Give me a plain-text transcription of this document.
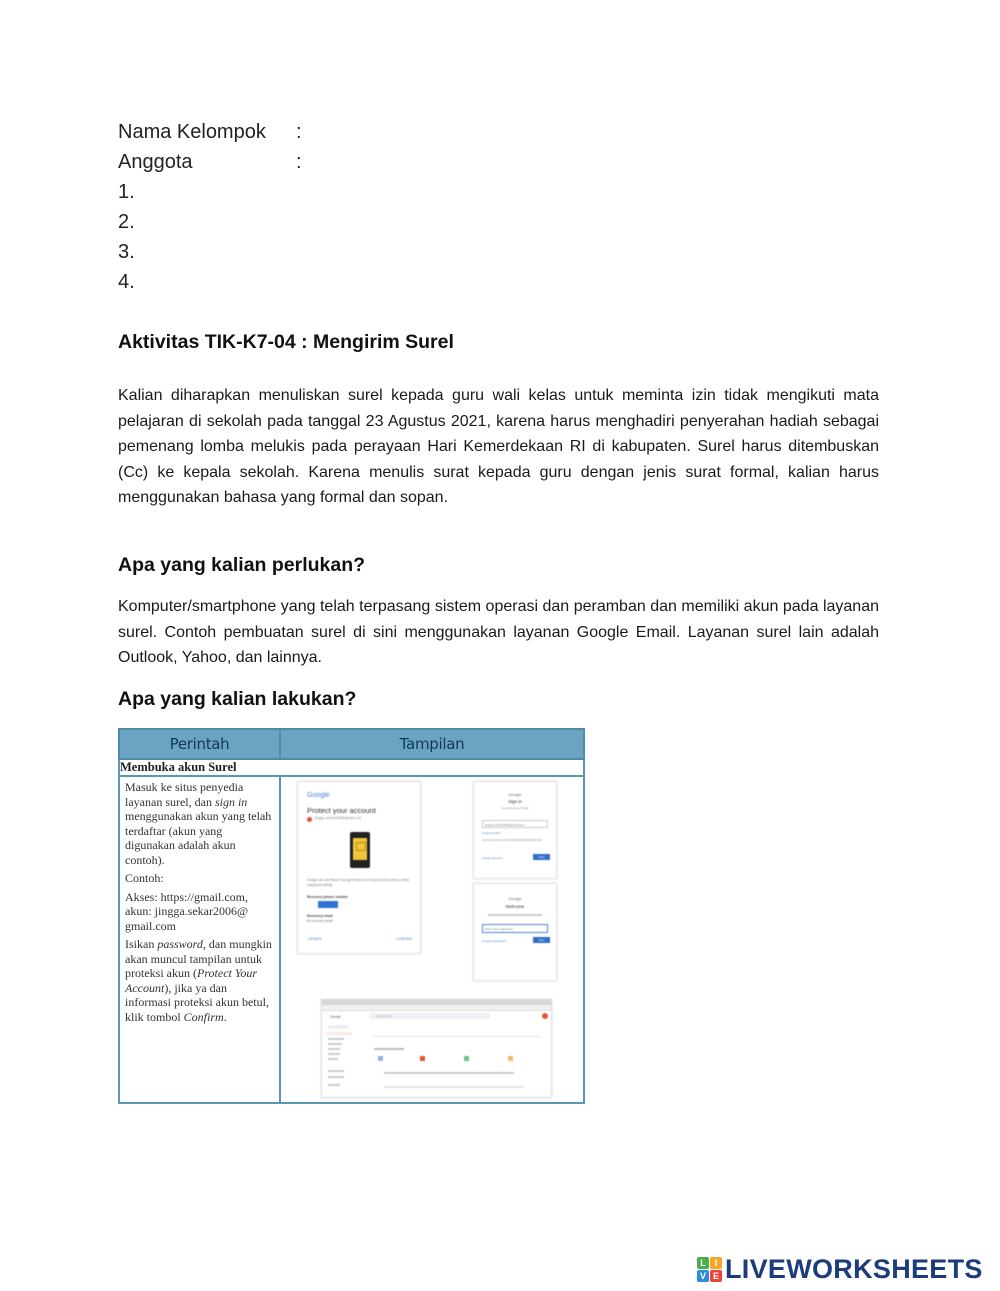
Nama Kelompok :
Anggota	:
1.
2.
3.
4.
Aktivitas TIK-K7-04 : Mengirim Surel
Kalian diharapkan menuliskan surel kepada guru wali kelas untuk meminta izin tidak mengikuti mata pelajaran di sekolah pada tanggal 23 Agustus 2021, karena harus menghadiri penyerahan hadiah sebagai pemenang lomba melukis pada perayaan Hari Kemerdekaan RI di kabupaten. Surel harus ditembuskan (Cc) ke kepala sekolah. Karena menulis surat kepada guru dengan jenis surat formal, kalian harus menggunakan bahasa yang formal dan sopan.
Apa yang kalian perlukan?
Komputer/smartphone yang telah terpasang sistem operasi dan peramban dan memiliki akun pada layanan surel. Contoh pembuatan surel di sini menggunakan layanan Google Email. Layanan surel lain adalah Outlook, Yahoo, dan lainnya.
Apa yang kalian lakukan?
Perintah	Tampilan
Membuka akun Surel	

Masuk ke situs penyedia layanan surel, dan sign in menggunakan akun yang telah terdaftar (akun yang digunakan adalah akun contoh).

Contoh:

Akses: https://gmail.com, akun: jingga.sekar2006@ gmail.com

Isikan password, dan mungkin akan muncul tampilan untuk proteksi akun (Protect Your Account), jika ya dan informasi proteksi akun betul, klik tombol Confirm.

Google
Protect your account
jingga.sekar2006@gmail.com
Google can use these if you get locked out of your account and to notice suspicious activity
Recovery phone number
Recovery email
No recovery email
UPDATE	CONFIRM
Google
Sign in
to continue to Gmail
jingga.sekar2006@gmail.com
Forgot email?
Create account	Next
Google
Welcome
Enter your password
Forgot password?	Next
Gmail	Search mail
L I
V E LIVEWORKSHEETS
